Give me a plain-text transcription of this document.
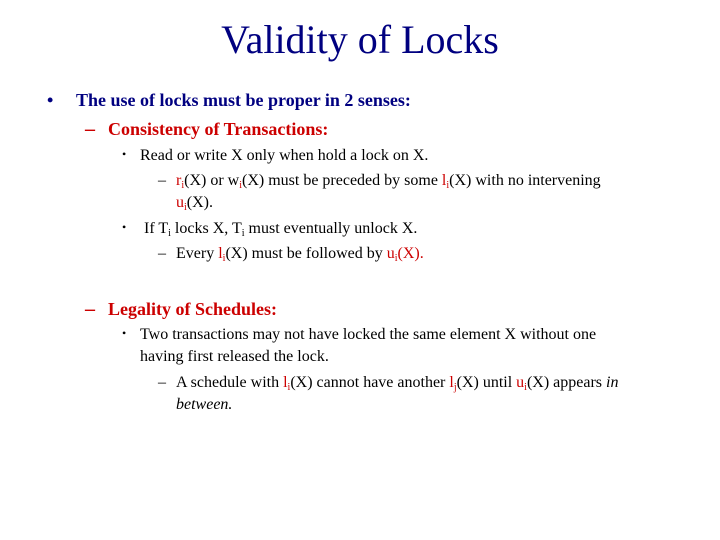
Validity of Locks
• The use of locks must be proper in 2 senses:
– Consistency of Transactions:
• Read or write X only when hold a lock on X.
– $r_i(X)$ or $w_i(X)$ must be preceded by some $l_i(X)$ with no intervening
$u_i(X)$.
• If $T_i$ locks X, $T_i$ must eventually unlock X.
– Every $l_i(X)$ must be followed by $u_i(X)$.
– Legality of Schedules:
• Two transactions may not have locked the same element X without one
having first released the lock.
– A schedule with $l_i(X)$ cannot have another $l_j(X)$ until $u_i(X)$ appears in
between.
